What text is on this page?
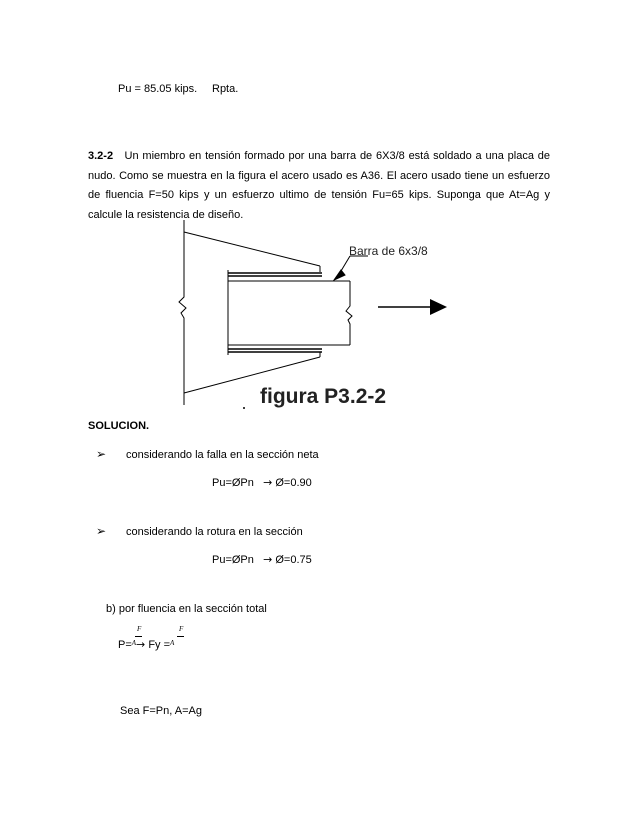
Pu = 85.05 kips. Rpta.
3.2-2 Un miembro en tensión formado por una barra de 6X3/8 está soldado a una placa de nudo. Como se muestra en la figura el acero usado es A36. El acero usado tiene un esfuerzo de fluencia F=50 kips y un esfuerzo ultimo de tensión Fu=65 kips. Suponga que At=Ag y calcule la resistencia de diseño.
Barra de 6x3/8
figura P3.2-2
SOLUCION.
➢ considerando la falla en la sección neta
Pu=ØPn → Ø=0.90
➢ considerando la rotura en la sección
Pu=ØPn → Ø=0.75
b) por fluencia en la sección total
F	F
P=$^A$→ Fy =$^A$
Sea F=Pn, A=Ag
